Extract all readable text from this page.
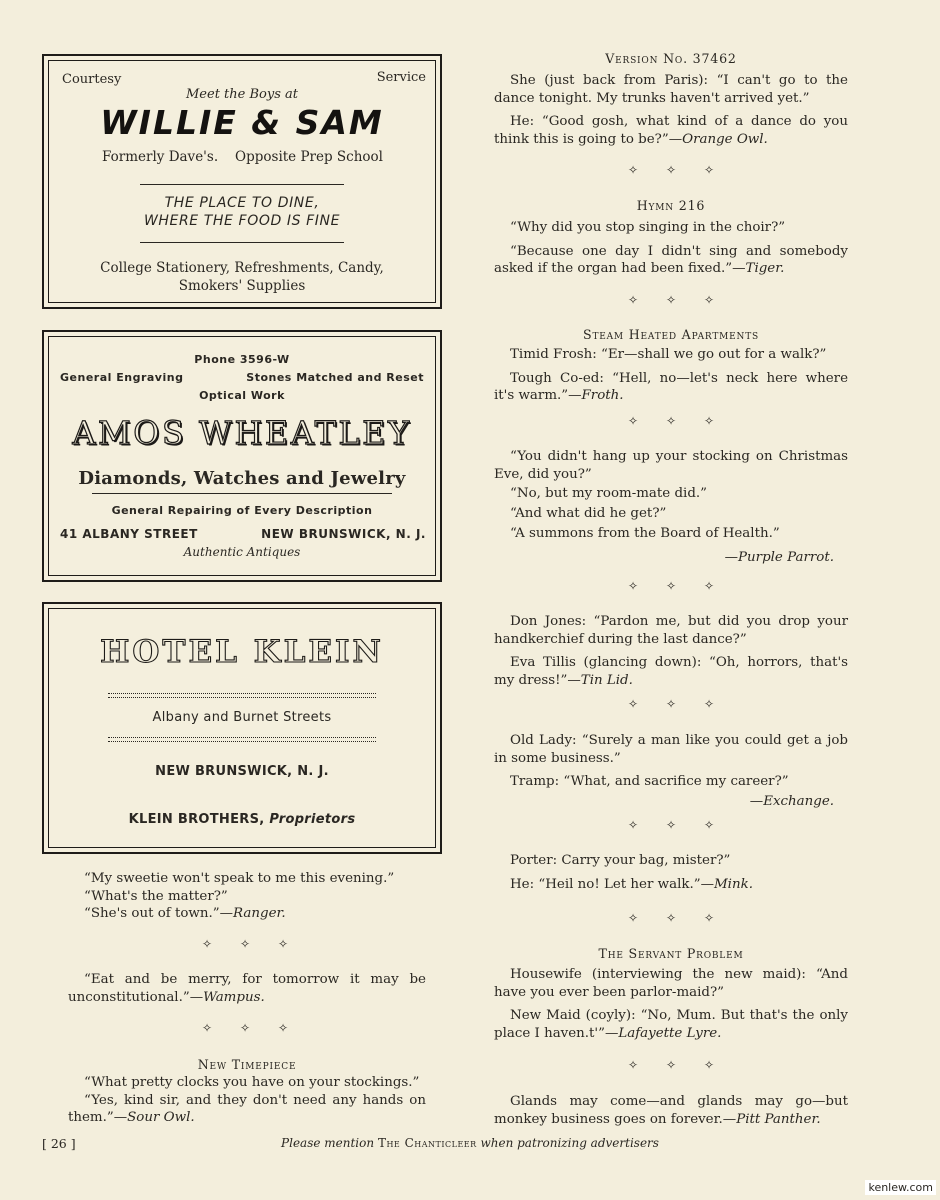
Courtesy	Service
Meet the Boys at
WILLIE & SAM
Formerly Dave's. Opposite Prep School
THE PLACE TO DINE,
WHERE THE FOOD IS FINE
College Stationery, Refreshments, Candy,
Smokers' Supplies
Phone 3596-W
General Engraving	Stones Matched and Reset
Optical Work
AMOS WHEATLEY
Diamonds, Watches and Jewelry
General Repairing of Every Description
41 ALBANY STREET	NEW BRUNSWICK, N. J.
Authentic Antiques
HOTEL KLEIN
Albany and Burnet Streets
NEW BRUNSWICK, N. J.
KLEIN BROTHERS, Proprietors

“My sweetie won't speak to me this evening.”

“What's the matter?”

“She's out of town.”—Ranger.

✧ ✧ ✧

“Eat and be merry, for tomorrow it may be unconstitutional.”—Wampus.

✧ ✧ ✧
New Timepiece

“What pretty clocks you have on your stockings.”

“Yes, kind sir, and they don't need any hands on them.”—Sour Owl.

Version No. 37462

She (just back from Paris): “I can't go to the dance tonight. My trunks haven't arrived yet.”

He: “Good gosh, what kind of a dance do you think this is going to be?”—Orange Owl.

✧ ✧ ✧
Hymn 216

“Why did you stop singing in the choir?”

“Because one day I didn't sing and somebody asked if the organ had been fixed.”—Tiger.

✧ ✧ ✧
Steam Heated Apartments

Timid Frosh: “Er—shall we go out for a walk?”

Tough Co-ed: “Hell, no—let's neck here where it's warm.”—Froth.

✧ ✧ ✧

“You didn't hang up your stocking on Christmas Eve, did you?”

“No, but my room-mate did.”

“And what did he get?”

“A summons from the Board of Health.”

—Purple Parrot.

✧ ✧ ✧

Don Jones: “Pardon me, but did you drop your handkerchief during the last dance?”

Eva Tillis (glancing down): “Oh, horrors, that's my dress!”—Tin Lid.

✧ ✧ ✧

Old Lady: “Surely a man like you could get a job in some business.”

Tramp: “What, and sacrifice my career?”

—Exchange.

✧ ✧ ✧

Porter: Carry your bag, mister?”

He: “Heil no! Let her walk.”—Mink.

✧ ✧ ✧
The Servant Problem

Housewife (interviewing the new maid): “And have you ever been parlor-maid?”

New Maid (coyly): “No, Mum. But that's the only place I haven.t'”—Lafayette Lyre.

✧ ✧ ✧

Glands may come—and glands may go—but monkey business goes on forever.—Pitt Panther.

[ 26 ]	Please mention The Chanticleer when patronizing advertisers
kenlew.com
